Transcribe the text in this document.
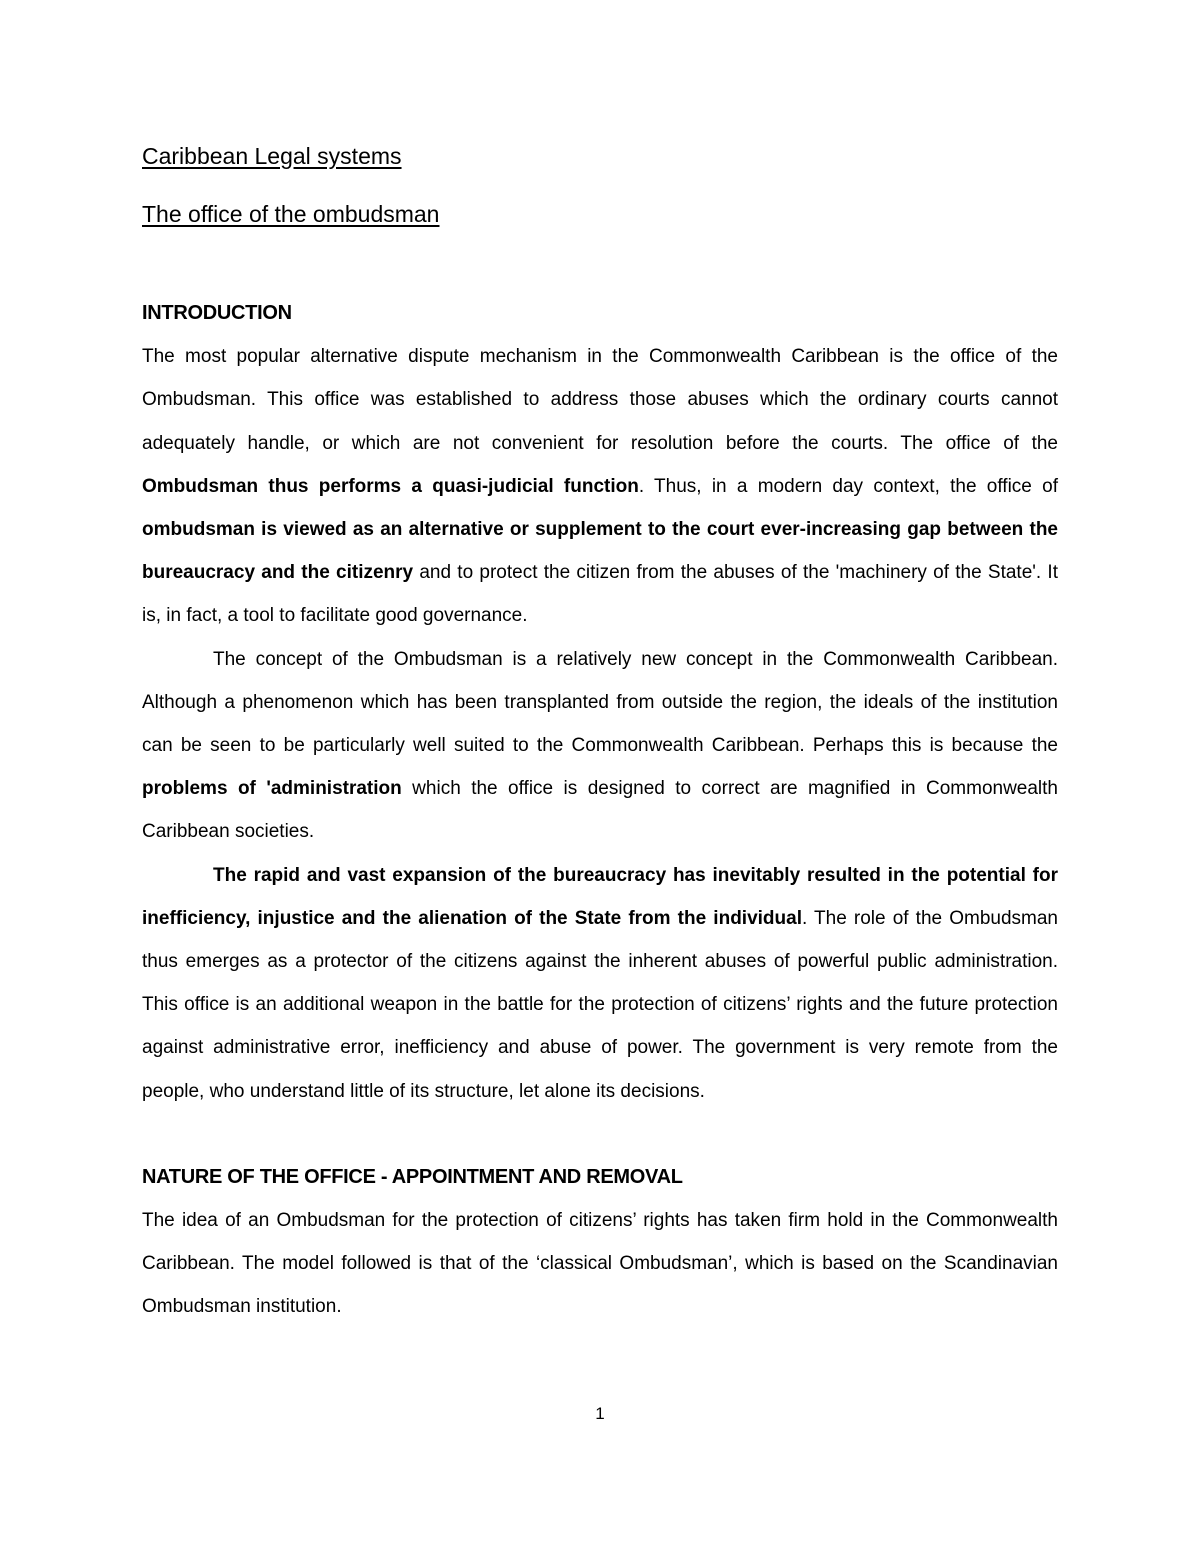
Caribbean Legal systems
The office of the ombudsman
INTRODUCTION

The most popular alternative dispute mechanism in the Commonwealth Caribbean is the office of the Ombudsman. This office was established to address those abuses which the ordinary courts cannot adequately handle, or which are not convenient for resolution before the courts. The office of the Ombudsman thus performs a quasi-judicial function. Thus, in a modern day context, the office of ombudsman is viewed as an alternative or supplement to the court ever-increasing gap between the bureaucracy and the citizenry and to protect the citizen from the abuses of the 'machinery of the State'. It is, in fact, a tool to facilitate good governance.

The concept of the Ombudsman is a relatively new concept in the Commonwealth Caribbean. Although a phenomenon which has been transplanted from outside the region, the ideals of the institution can be seen to be particularly well suited to the Commonwealth Caribbean. Perhaps this is because the problems of 'administration which the office is designed to correct are magnified in Commonwealth Caribbean societies.

The rapid and vast expansion of the bureaucracy has inevitably resulted in the potential for inefficiency, injustice and the alienation of the State from the individual. The role of the Ombudsman thus emerges as a protector of the citizens against the inherent abuses of powerful public administration. This office is an additional weapon in the battle for the protection of citizens’ rights and the future protection against administrative error, inefficiency and abuse of power. The government is very remote from the people, who understand little of its structure, let alone its decisions.

NATURE OF THE OFFICE - APPOINTMENT AND REMOVAL

The idea of an Ombudsman for the protection of citizens’ rights has taken firm hold in the Commonwealth Caribbean. The model followed is that of the ‘classical Ombudsman’, which is based on the Scandinavian Ombudsman institution.

1
